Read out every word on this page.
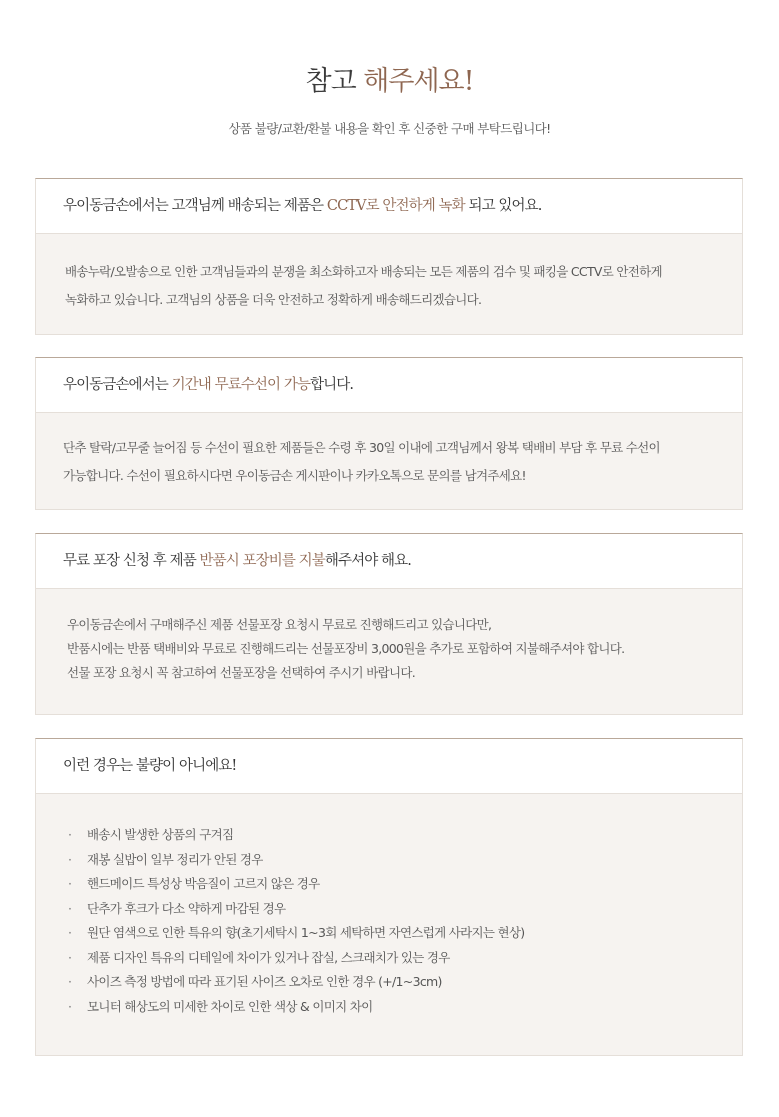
참고 해주세요!
상품 불량/교환/환불 내용을 확인 후 신중한 구매 부탁드립니다!
우이동금손에서는 고객님께 배송되는 제품은 CCTV로 안전하게 녹화 되고 있어요.

배송누락/오발송으로 인한 고객님들과의 분쟁을 최소화하고자 배송되는 모든 제품의 검수 및 패킹을 CCTV로 안전하게

녹화하고 있습니다. 고객님의 상품을 더욱 안전하고 정확하게 배송해드리겠습니다.

우이동금손에서는 기간내 무료수선이 가능합니다.

단추 탈락/고무줄 늘어짐 등 수선이 필요한 제품들은 수령 후 30일 이내에 고객님께서 왕복 택배비 부담 후 무료 수선이

가능합니다. 수선이 필요하시다면 우이동금손 게시판이나 카카오톡으로 문의를 남겨주세요!

무료 포장 신청 후 제품 반품시 포장비를 지불해주셔야 해요.

우이동금손에서 구매해주신 제품 선물포장 요청시 무료로 진행해드리고 있습니다만,

반품시에는 반품 택배비와 무료로 진행해드리는 선물포장비 3,000원을 추가로 포함하여 지불해주셔야 합니다.

선물 포장 요청시 꼭 참고하여 선물포장을 선택하여 주시기 바랍니다.

이런 경우는 불량이 아니에요!
· 배송시 발생한 상품의 구겨짐
· 재봉 실밥이 일부 정리가 안된 경우
· 핸드메이드 특성상 박음질이 고르지 않은 경우
· 단추가 후크가 다소 약하게 마감된 경우
· 원단 염색으로 인한 특유의 향(초기세탁시 1~3회 세탁하면 자연스럽게 사라지는 현상)
· 제품 디자인 특유의 디테일에 차이가 있거나 잡실, 스크래치가 있는 경우
· 사이즈 측정 방법에 따라 표기된 사이즈 오차로 인한 경우 (+/1~3cm)
· 모니터 해상도의 미세한 차이로 인한 색상 & 이미지 차이
